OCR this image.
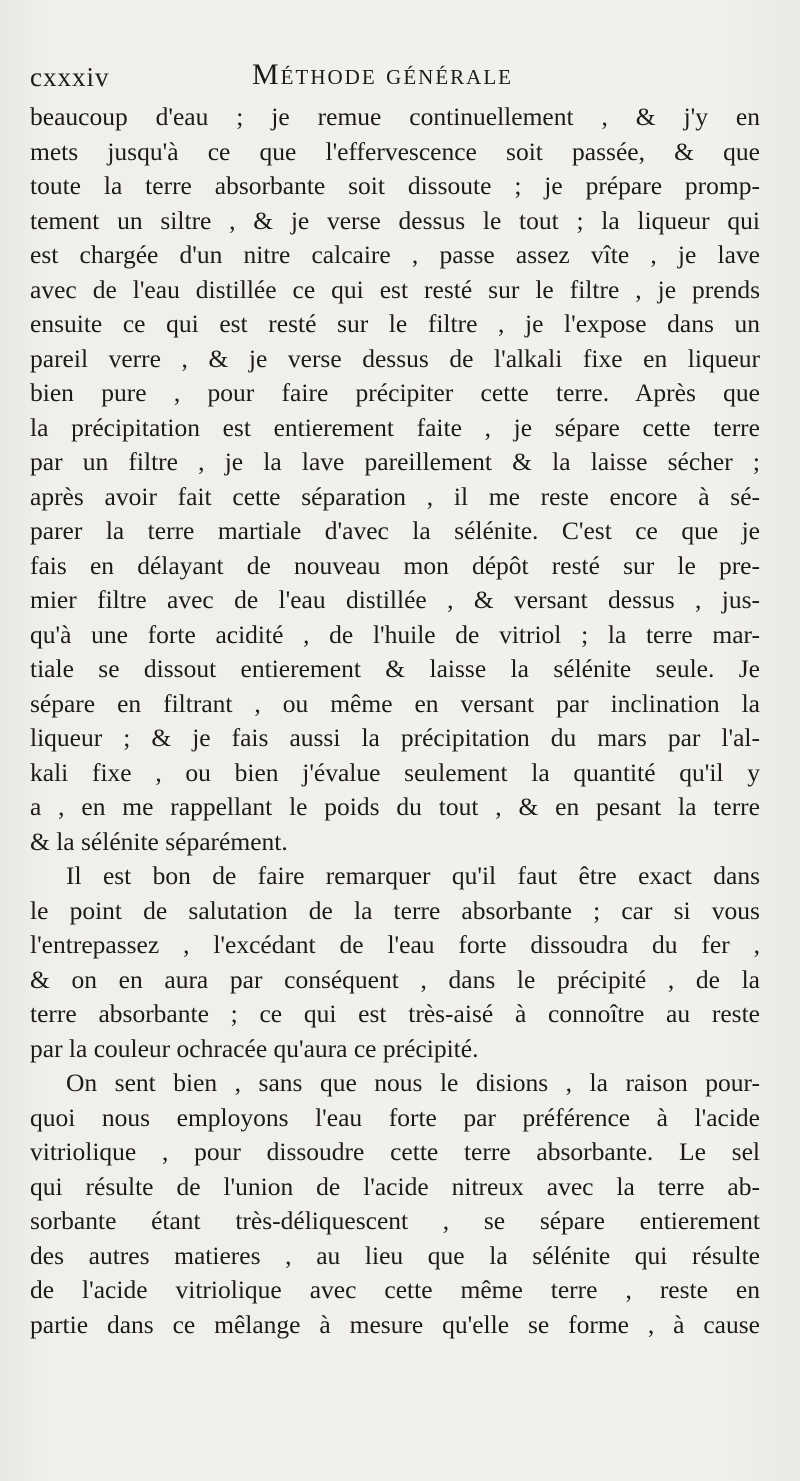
cxxxiv	Méthode générale

beaucoup d'eau ; je remue continuellement , & j'y en
mets jusqu'à ce que l'effervescence soit passée, & que
toute la terre absorbante soit dissoute ; je prépare promp-
tement un siltre , & je verse dessus le tout ; la liqueur qui
est chargée d'un nitre calcaire , passe assez vîte , je lave
avec de l'eau distillée ce qui est resté sur le filtre , je prends
ensuite ce qui est resté sur le filtre , je l'expose dans un
pareil verre , & je verse dessus de l'alkali fixe en liqueur
bien pure , pour faire précipiter cette terre. Après que
la précipitation est entierement faite , je sépare cette terre
par un filtre , je la lave pareillement & la laisse sécher ;
après avoir fait cette séparation , il me reste encore à sé-
parer la terre martiale d'avec la sélénite. C'est ce que je
fais en délayant de nouveau mon dépôt resté sur le pre-
mier filtre avec de l'eau distillée , & versant dessus , jus-
qu'à une forte acidité , de l'huile de vitriol ; la terre mar-
tiale se dissout entierement & laisse la sélénite seule. Je
sépare en filtrant , ou même en versant par inclination la
liqueur ; & je fais aussi la précipitation du mars par l'al-
kali fixe , ou bien j'évalue seulement la quantité qu'il y
a , en me rappellant le poids du tout , & en pesant la terre
& la sélénite séparément.

Il est bon de faire remarquer qu'il faut être exact dans
le point de salutation de la terre absorbante ; car si vous
l'entrepassez , l'excédant de l'eau forte dissoudra du fer ,
& on en aura par conséquent , dans le précipité , de la
terre absorbante ; ce qui est très-aisé à connoître au reste
par la couleur ochracée qu'aura ce précipité.

On sent bien , sans que nous le disions , la raison pour-
quoi nous employons l'eau forte par préférence à l'acide
vitriolique , pour dissoudre cette terre absorbante. Le sel
qui résulte de l'union de l'acide nitreux avec la terre ab-
sorbante étant très-déliquescent , se sépare entierement
des autres matieres , au lieu que la sélénite qui résulte
de l'acide vitriolique avec cette même terre , reste en
partie dans ce mêlange à mesure qu'elle se forme , à cause
